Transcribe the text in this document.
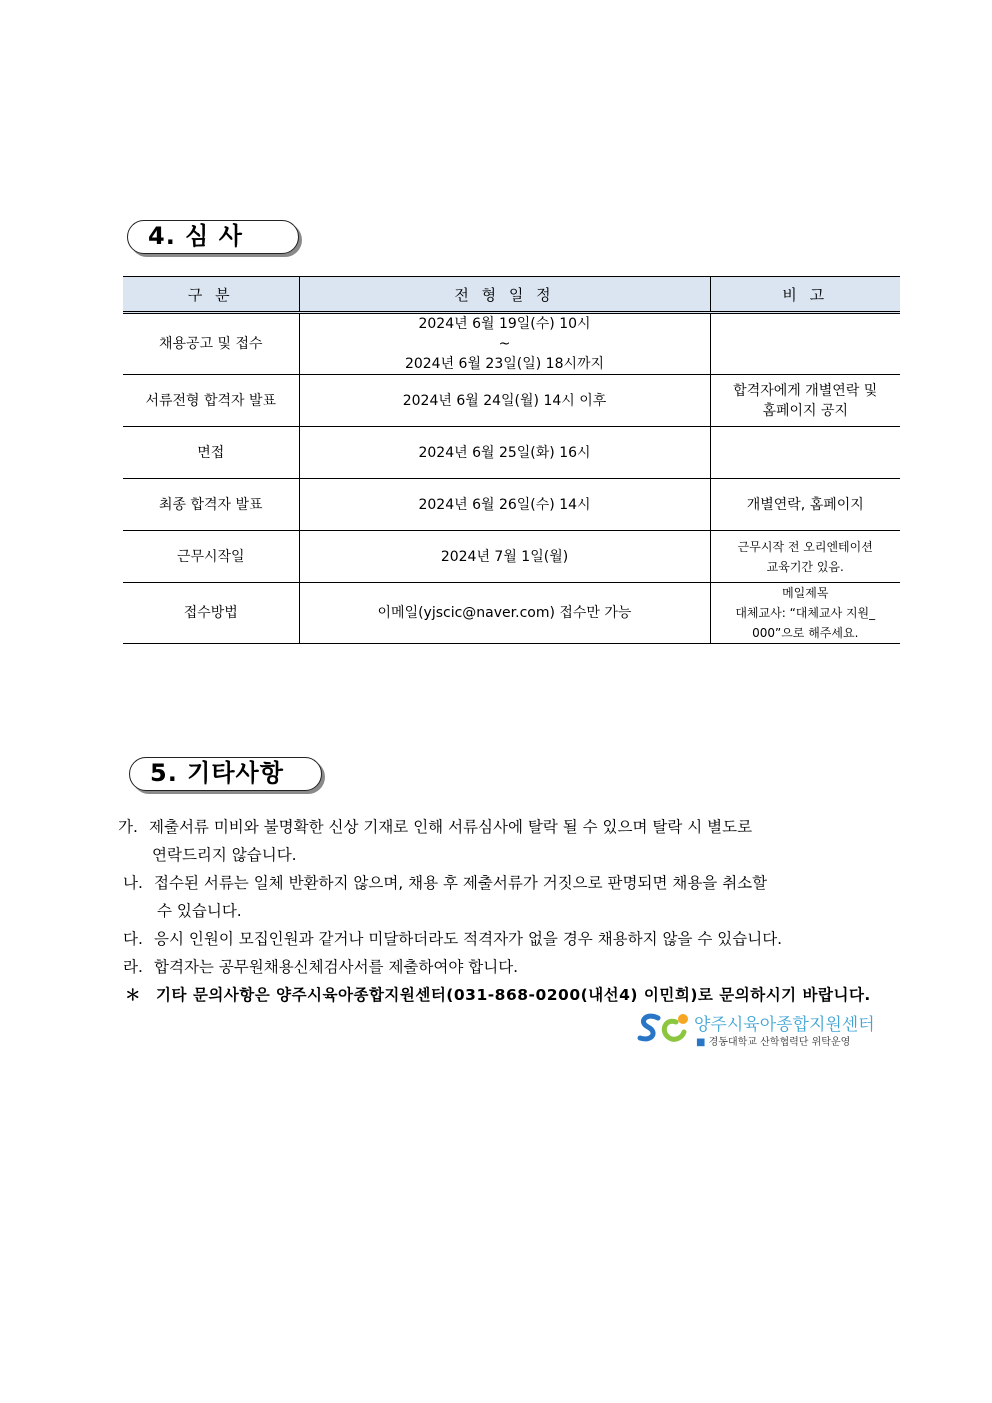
4. 심 사
구 분	전 형 일 정	비 고
채용공고 및 접수	2024년 6월 19일(수) 10시
~
2024년 6월 23일(일) 18시까지	

서류전형 합격자 발표	2024년 6월 24일(월) 14시 이후	합격자에게 개별연락 및
홈페이지 공지

면접	2024년 6월 25일(화) 16시	
최종 합격자 발표	2024년 6월 26일(수) 14시	개별연락, 홈페이지
근무시작일	2024년 7월 1일(월)	근무시작 전 오리엔테이션
교육기간 있음.

접수방법	이메일(yjscic@naver.com) 접수만 가능	메일제목
대체교사: “대체교사 지원_
000”으로 해주세요.
5. 기타사항
가. 제출서류 미비와 불명확한 신상 기재로 인해 서류심사에 탈락 될 수 있으며 탈락 시 별도로
연락드리지 않습니다.
나. 접수된 서류는 일체 반환하지 않으며, 채용 후 제출서류가 거짓으로 판명되면 채용을 취소할
수 있습니다.
다. 응시 인원이 모집인원과 같거나 미달하더라도 적격자가 없을 경우 채용하지 않을 수 있습니다.
라. 합격자는 공무원채용신체검사서를 제출하여야 합니다.
＊ 기타 문의사항은 양주시육아종합지원센터(031-868-0200(내선4) 이민희)로 문의하시기 바랍니다.
양주시육아종합지원센터
■ 경동대학교 산학협력단 위탁운영
